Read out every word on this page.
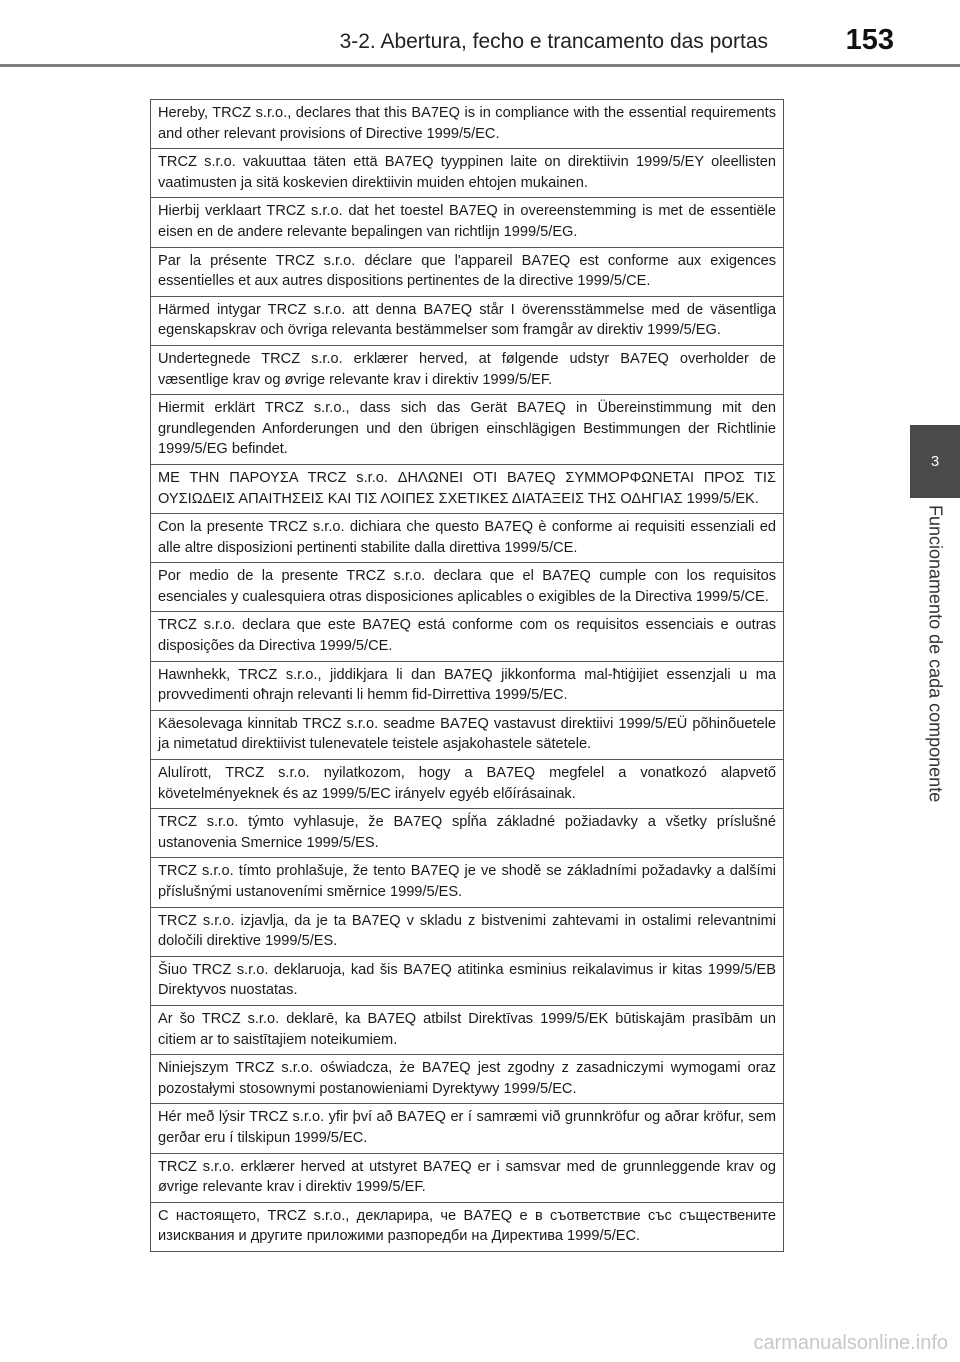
3-2. Abertura, fecho e trancamento das portas	153
3
Funcionamento de cada componente
Hereby, TRCZ s.r.o., declares that this BA7EQ is in compliance with the essential requirements and other relevant provisions of Directive 1999/5/EC.
TRCZ s.r.o. vakuuttaa täten että BA7EQ tyyppinen laite on direktiivin 1999/5/EY oleellisten vaatimusten ja sitä koskevien direktiivin muiden ehtojen mukainen.
Hierbij verklaart TRCZ s.r.o. dat het toestel BA7EQ in overeenstemming is met de essentiële eisen en de andere relevante bepalingen van richtlijn 1999/5/EG.
Par la présente TRCZ s.r.o. déclare que l'appareil BA7EQ est conforme aux exigences essentielles et aux autres dispositions pertinentes de la directive 1999/5/CE.
Härmed intygar TRCZ s.r.o. att denna BA7EQ står I överensstämmelse med de väsentliga egenskapskrav och övriga relevanta bestämmelser som framgår av direktiv 1999/5/EG.
Undertegnede TRCZ s.r.o. erklærer herved, at følgende udstyr BA7EQ overholder de væsentlige krav og øvrige relevante krav i direktiv 1999/5/EF.
Hiermit erklärt TRCZ s.r.o., dass sich das Gerät BA7EQ in Übereinstimmung mit den grundlegenden Anforderungen und den übrigen einschlägigen Bestimmungen der Richtlinie 1999/5/EG befindet.
ΜΕ ΤΗΝ ΠΑΡΟΥΣΑ TRCZ s.r.o. ΔΗΛΩΝΕΙ ΟΤΙ BA7EQ ΣΥΜΜΟΡΦΩΝΕΤΑΙ ΠΡΟΣ ΤΙΣ ΟΥΣΙΩΔΕΙΣ ΑΠΑΙΤΗΣΕΙΣ ΚΑΙ ΤΙΣ ΛΟΙΠΕΣ ΣΧΕΤΙΚΕΣ ΔΙΑΤΑΞΕΙΣ ΤΗΣ ΟΔΗΓΙΑΣ 1999/5/ΕΚ.
Con la presente TRCZ s.r.o. dichiara che questo BA7EQ è conforme ai requisiti essenziali ed alle altre disposizioni pertinenti stabilite dalla direttiva 1999/5/CE.
Por medio de la presente TRCZ s.r.o. declara que el BA7EQ cumple con los requisitos esenciales y cualesquiera otras disposiciones aplicables o exigibles de la Directiva 1999/5/CE.
TRCZ s.r.o. declara que este BA7EQ está conforme com os requisitos essenciais e outras disposições da Directiva 1999/5/CE.
Hawnhekk, TRCZ s.r.o., jiddikjara li dan BA7EQ jikkonforma mal-ħtiġijiet essenzjali u ma provvedimenti oħrajn relevanti li hemm fid-Dirrettiva 1999/5/EC.
Käesolevaga kinnitab TRCZ s.r.o. seadme BA7EQ vastavust direktiivi 1999/5/EÜ põhinõuetele ja nimetatud direktiivist tulenevatele teistele asjakohastele sätetele.
Alulírott, TRCZ s.r.o. nyilatkozom, hogy a BA7EQ megfelel a vonatkozó alapvető követelményeknek és az 1999/5/EC irányelv egyéb előírásainak.
TRCZ s.r.o. týmto vyhlasuje, že BA7EQ spĺňa základné požiadavky a všetky príslušné ustanovenia Smernice 1999/5/ES.
TRCZ s.r.o. tímto prohlašuje, že tento BA7EQ je ve shodě se základními požadavky a dalšími příslušnými ustanoveními směrnice 1999/5/ES.
TRCZ s.r.o. izjavlja, da je ta BA7EQ v skladu z bistvenimi zahtevami in ostalimi relevantnimi določili direktive 1999/5/ES.
Šiuo TRCZ s.r.o. deklaruoja, kad šis BA7EQ atitinka esminius reikalavimus ir kitas 1999/5/EB Direktyvos nuostatas.
Ar šo TRCZ s.r.o. deklarē, ka BA7EQ atbilst Direktīvas 1999/5/EK būtiskajām prasībām un citiem ar to saistītajiem noteikumiem.
Niniejszym TRCZ s.r.o. oświadcza, że BA7EQ jest zgodny z zasadniczymi wymogami oraz pozostałymi stosownymi postanowieniami Dyrektywy 1999/5/EC.
Hér með lýsir TRCZ s.r.o. yfir því að BA7EQ er í samræmi við grunnkröfur og aðrar kröfur, sem gerðar eru í tilskipun 1999/5/EC.
TRCZ s.r.o. erklærer herved at utstyret BA7EQ er i samsvar med de grunnleggende krav og øvrige relevante krav i direktiv 1999/5/EF.
С настоящето, TRCZ s.r.o., декларира, че BA7EQ е в съответствие със съществените изисквания и другите приложими разпоредби на Директива 1999/5/EC.
carmanualsonline.info
